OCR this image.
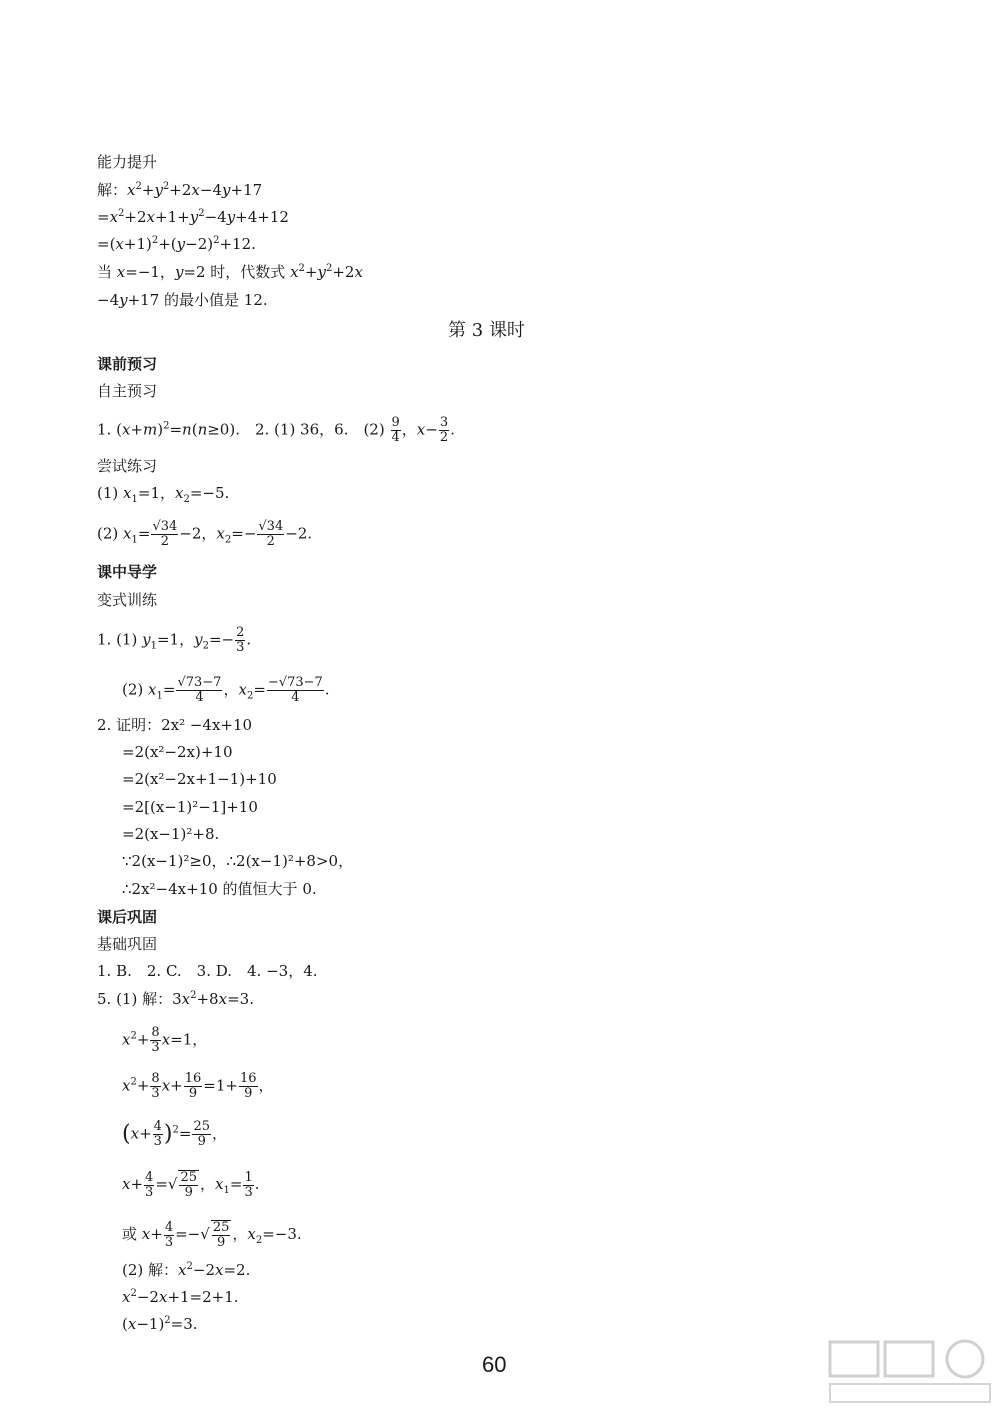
能力提升
解：$x^2+y^2+2x-4y+17$
$=x^2+2x+1+y^2-4y+4+12$
$=(x+1)^2+(y-2)^2+12$.
当 x=−1，y=2 时，代数式 $x^2+y^2+2x$
−4y+17 的最小值是 12.
第 3 课时
课前预习
自主预习
1. $(x+m)^2=n(n\ge 0)$.　2. (1) 36，6.　$(2) \frac{9}{4}$ ，$x- \frac{3}{2}$ .
尝试练习
(1) $x_1=1$，$x_2=-5$.
(2) $x_1= \frac{√34}{2} -2$，$x_2=- \frac{√34}{2} -2$.
课中导学
变式训练
1. (1) $y_1=1$，$y_2=- \frac{2}{3}$ .
(2) $x_1= \frac{√73-7}{4}$ ，$x_2= \frac{-√73-7}{4}$ .
2. 证明：2x² −4x+10
=2(x²−2x)+10
=2(x²−2x+1−1)+10
=2[(x−1)²−1]+10
=2(x−1)²+8.
∵2(x−1)²≥0，∴2(x−1)²+8>0，
∴2x²−4x+10 的值恒大于 0.
课后巩固
基础巩固
1. B.　2. C.　3. D.　4. −3，4.
5. (1) 解：$3x^2+8x=3$.
$x^2+ \frac{8}{3} x=1$，
$x^2+ \frac{8}{3} x+ \frac{16}{9} =1+ \frac{16}{9}$ ，
$(x+ \frac{4}{3} )^2= \frac{25}{9}$ ，
$x+ \frac{4}{3}$ =√ $\frac{25}{9}$ ，$x_1= \frac{1}{3}$ .
或 $x+ \frac{4}{3}$ =−√ $\frac{25}{9}$ ，$x_2=-3$.
(2) 解：$x^2-2x=2$.
$x^2-2x+1=2+1$.
$(x-1)^2=3$.
60
